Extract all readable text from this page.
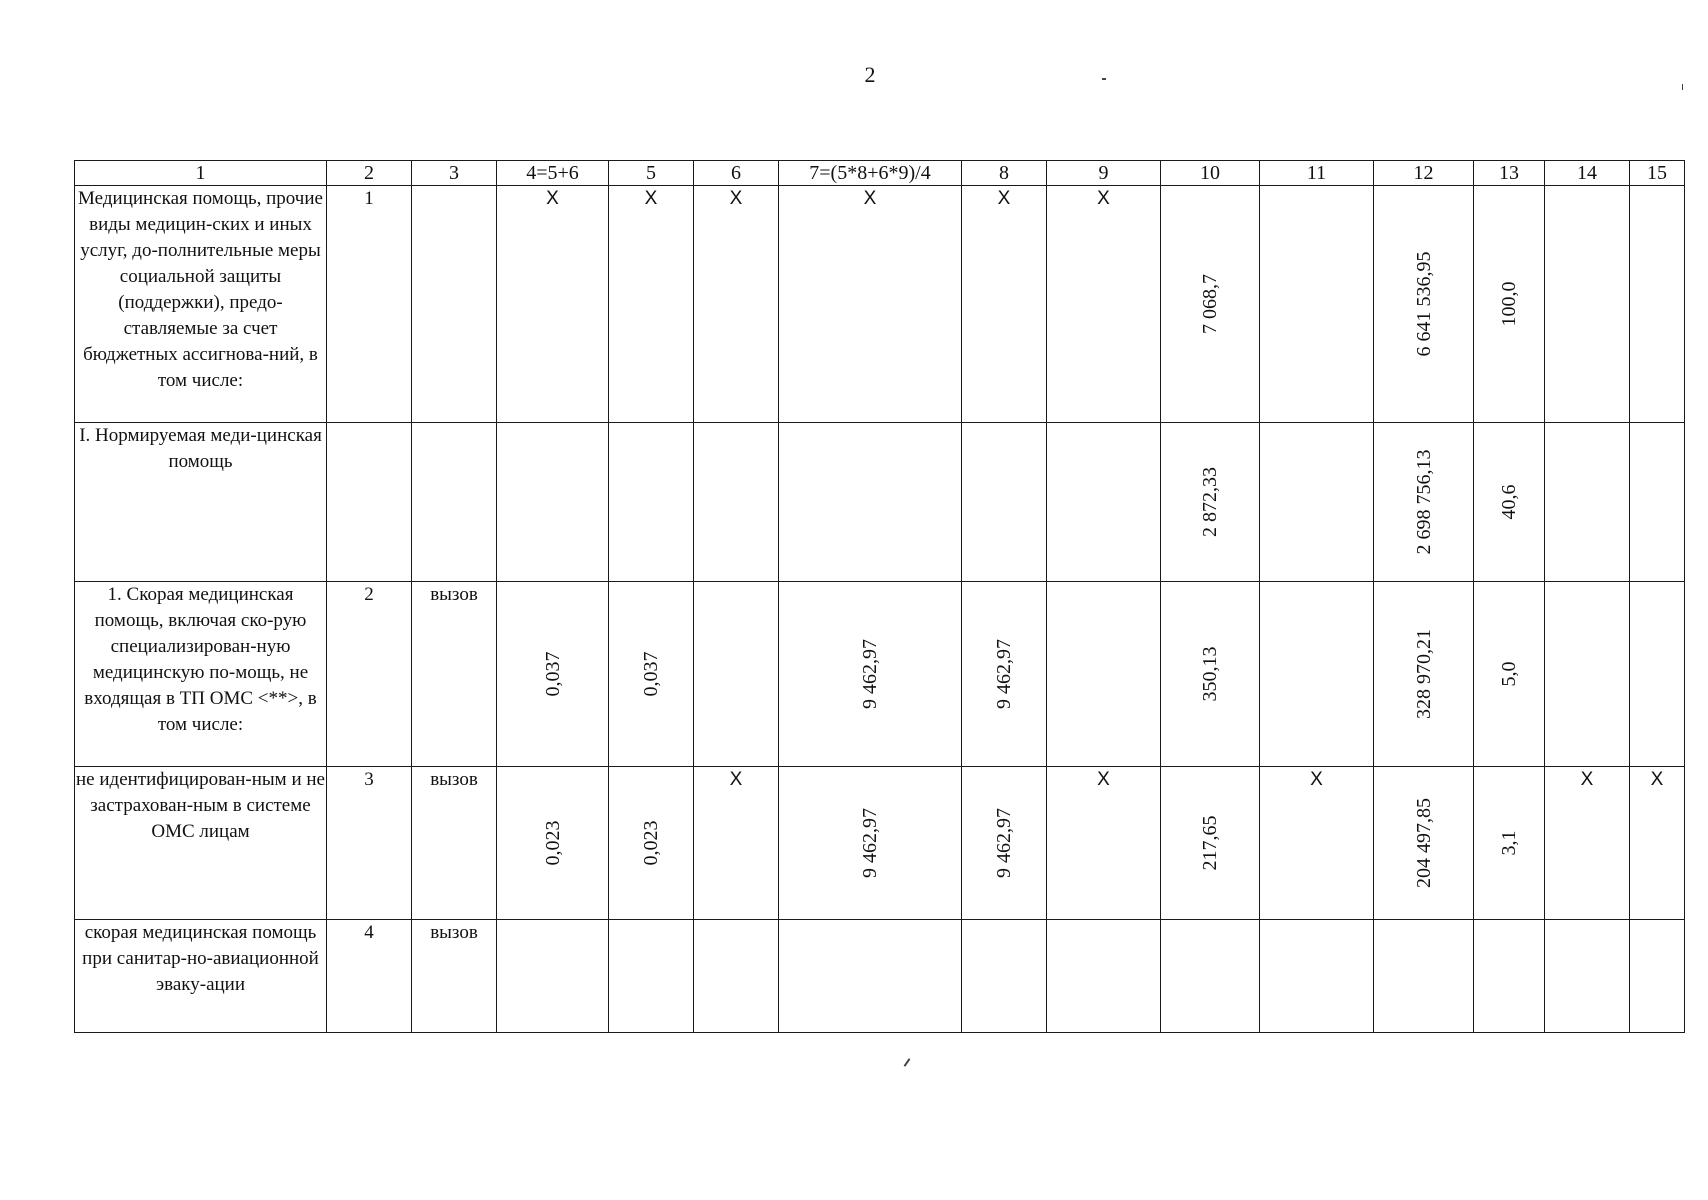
2
1	2	3	4=5+6	5	6	7=(5*8+6*9)/4	8	9	10	11	12	13	14	15
Медицинская помощь, прочие виды медицин-ских и иных услуг, до-полнительные меры социальной защиты (поддержки), предо-ставляемые за счет бюджетных ассигнова-ний, в том числе:	1		X	X	X	X	X	X	7 068,7		6 641 536,95	100,0		

I. Нормируемая меди-цинская помощь									2 872,33		2 698 756,13	40,6		

1. Скорая медицинская помощь, включая ско-рую специализирован-ную медицинскую по-мощь, не входящая в ТП ОМС <**>, в том числе:	2	вызов	0,037	0,037		9 462,97	9 462,97		350,13		328 970,21	5,0		

не идентифицирован-ным и не застрахован-ным в системе ОМС лицам	3	вызов	0,023	0,023	X	9 462,97	9 462,97	X	217,65	X	204 497,85	3,1	X	X
скорая медицинская помощь при санитар-но-авиационной эваку-ации	4	вызов												
